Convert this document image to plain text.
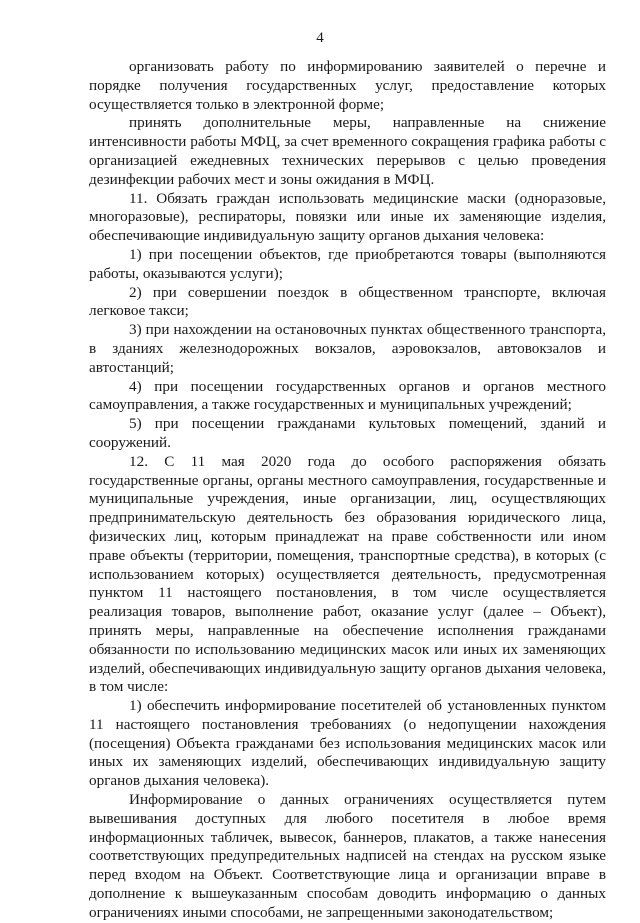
4

организовать работу по информированию заявителей о перечне и порядке получения государственных услуг, предоставление которых осуществляется только в электронной форме;

принять дополнительные меры, направленные на снижение интенсивности работы МФЦ, за счет временного сокращения графика работы с организацией ежедневных технических перерывов с целью проведения дезинфекции рабочих мест и зоны ожидания в МФЦ.

11. Обязать граждан использовать медицинские маски (одноразовые, многоразовые), респираторы, повязки или иные их заменяющие изделия, обеспечивающие индивидуальную защиту органов дыхания человека:

1) при посещении объектов, где приобретаются товары (выполняются работы, оказываются услуги);

2) при совершении поездок в общественном транспорте, включая легковое такси;

3) при нахождении на остановочных пунктах общественного транспорта, в зданиях железнодорожных вокзалов, аэровокзалов, автовокзалов и автостанций;

4) при посещении государственных органов и органов местного самоуправления, а также государственных и муниципальных учреждений;

5) при посещении гражданами культовых помещений, зданий и сооружений.

12. С 11 мая 2020 года до особого распоряжения обязать государственные органы, органы местного самоуправления, государственные и муниципальные учреждения, иные организации, лиц, осуществляющих предпринимательскую деятельность без образования юридического лица, физических лиц, которым принадлежат на праве собственности или ином праве объекты (территории, помещения, транспортные средства), в которых (с использованием которых) осуществляется деятельность, предусмотренная пунктом 11 настоящего постановления, в том числе осуществляется реализация товаров, выполнение работ, оказание услуг (далее – Объект), принять меры, направленные на обеспечение исполнения гражданами обязанности по использованию медицинских масок или иных их заменяющих изделий, обеспечивающих индивидуальную защиту органов дыхания человека, в том числе:

1) обеспечить информирование посетителей об установленных пунктом 11 настоящего постановления требованиях (о недопущении нахождения (посещения) Объекта гражданами без использования медицинских масок или иных их заменяющих изделий, обеспечивающих индивидуальную защиту органов дыхания человека).

Информирование о данных ограничениях осуществляется путем вывешивания доступных для любого посетителя в любое время информационных табличек, вывесок, баннеров, плакатов, а также нанесения соответствующих предупредительных надписей на стендах на русском языке перед входом на Объект. Соответствующие лица и организации вправе в дополнение к вышеуказанным способам доводить информацию о данных ограничениях иными способами, не запрещенными законодательством;
